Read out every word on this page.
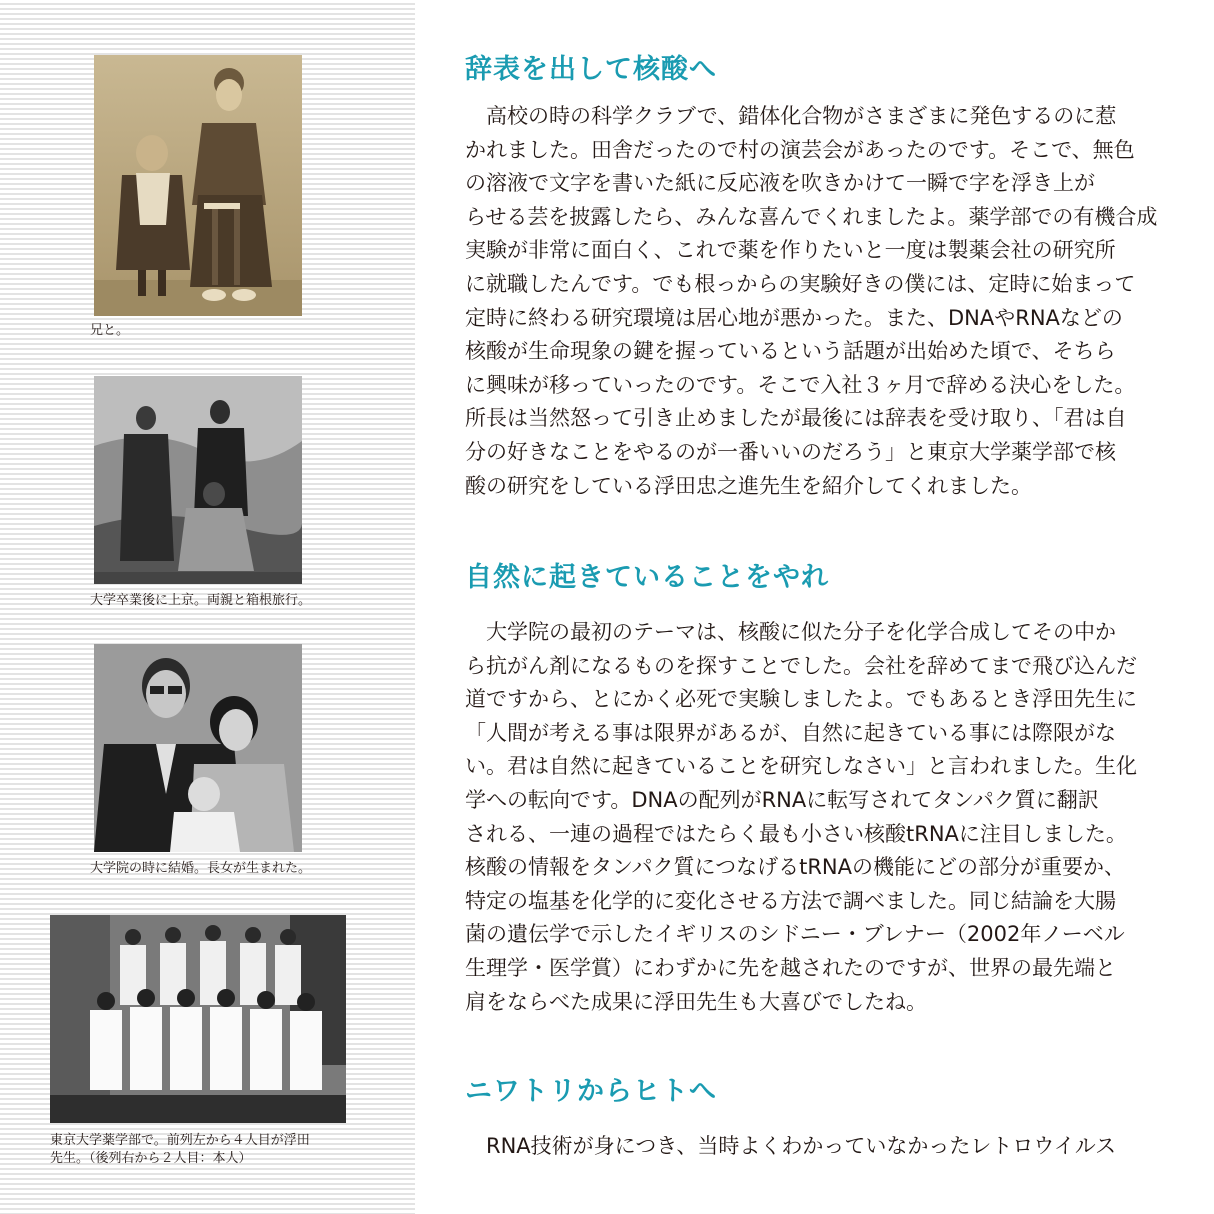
兄と。
大学卒業後に上京。両親と箱根旅行。
大学院の時に結婚。長女が生まれた。
東京大学薬学部で。前列左から４人目が浮田
先生。（後列右から２人目：本人）
辞表を出して核酸へ

高校の時の科学クラブで、錯体化合物がさまざまに発色するのに惹
かれました。田舎だったので村の演芸会があったのです。そこで、無色
の溶液で文字を書いた紙に反応液を吹きかけて一瞬で字を浮き上が
らせる芸を披露したら、みんな喜んでくれましたよ。薬学部での有機合成
実験が非常に面白く、これで薬を作りたいと一度は製薬会社の研究所
に就職したんです。でも根っからの実験好きの僕には、定時に始まって
定時に終わる研究環境は居心地が悪かった。また、DNAやRNAなどの
核酸が生命現象の鍵を握っているという話題が出始めた頃で、そちら
に興味が移っていったのです。そこで入社３ヶ月で辞める決心をした。
所長は当然怒って引き止めましたが最後には辞表を受け取り、「君は自
分の好きなことをやるのが一番いいのだろう」と東京大学薬学部で核
酸の研究をしている浮田忠之進先生を紹介してくれました。

自然に起きていることをやれ

大学院の最初のテーマは、核酸に似た分子を化学合成してその中か
ら抗がん剤になるものを探すことでした。会社を辞めてまで飛び込んだ
道ですから、とにかく必死で実験しましたよ。でもあるとき浮田先生に
「人間が考える事は限界があるが、自然に起きている事には際限がな
い。君は自然に起きていることを研究しなさい」と言われました。生化
学への転向です。DNAの配列がRNAに転写されてタンパク質に翻訳
される、一連の過程ではたらく最も小さい核酸tRNAに注目しました。
核酸の情報をタンパク質につなげるtRNAの機能にどの部分が重要か、
特定の塩基を化学的に変化させる方法で調べました。同じ結論を大腸
菌の遺伝学で示したイギリスのシドニー・ブレナー（2002年ノーベル
生理学・医学賞）にわずかに先を越されたのですが、世界の最先端と
肩をならべた成果に浮田先生も大喜びでしたね。

ニワトリからヒトへ

RNA技術が身につき、当時よくわかっていなかったレトロウイルス
